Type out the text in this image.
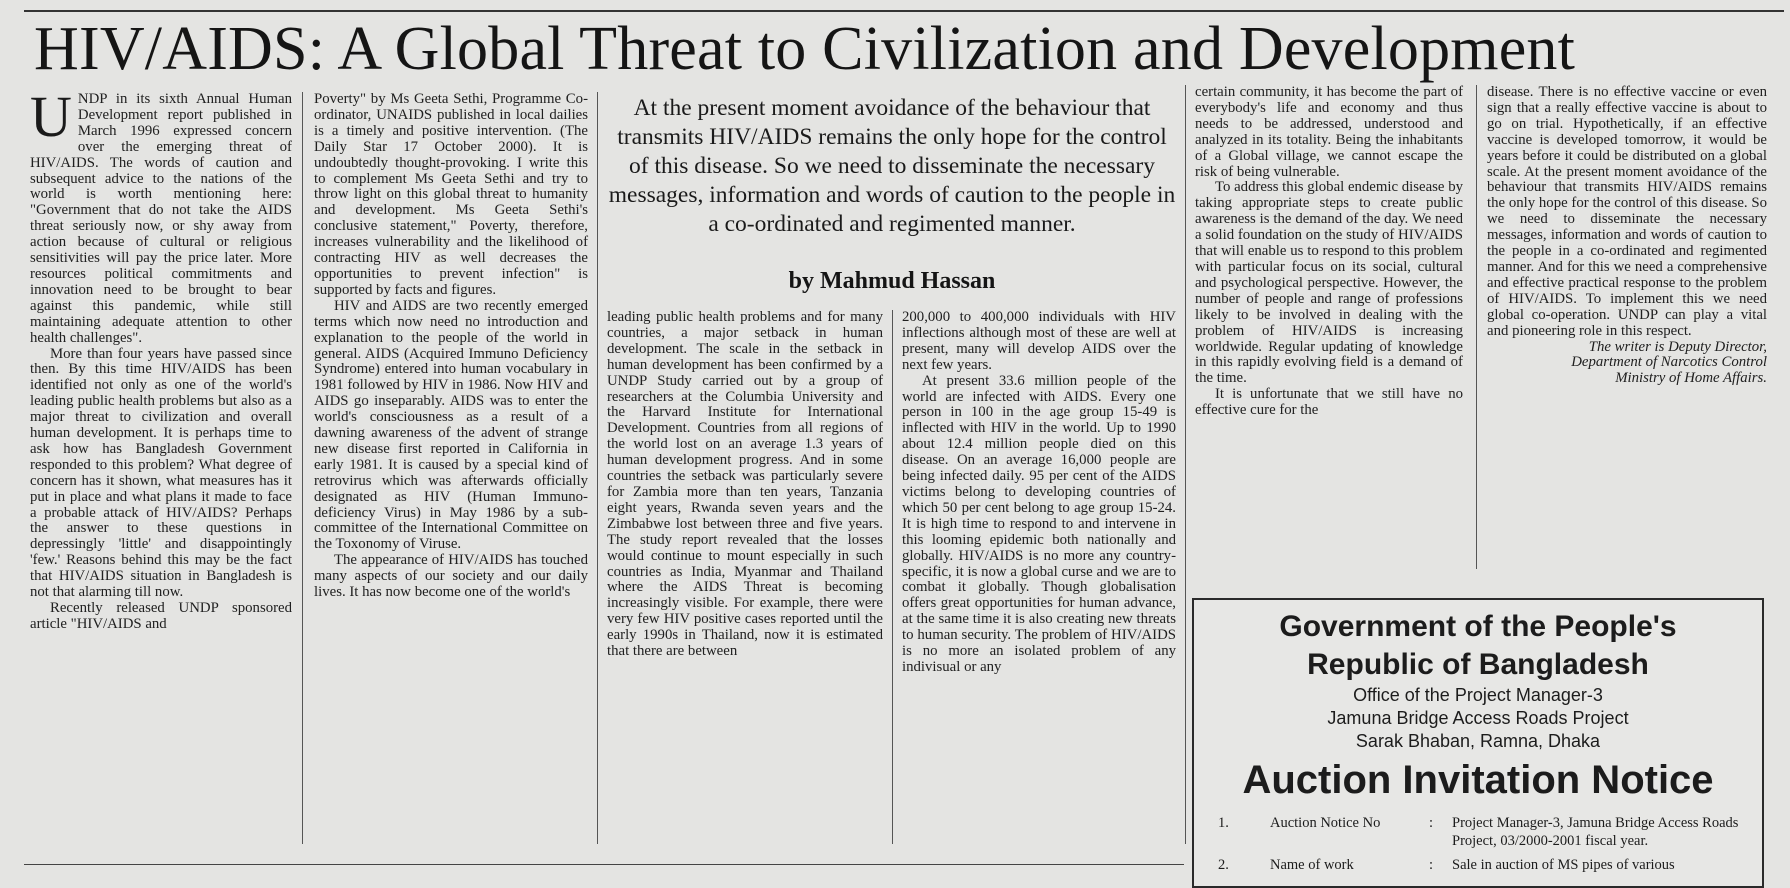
HIV/AIDS: A Global Threat to Civilization and Development

UNDP in its sixth Annual Human Development report published in March 1996 expressed concern over the emerging threat of HIV/AIDS. The words of caution and subsequent advice to the nations of the world is worth mentioning here: "Government that do not take the AIDS threat seriously now, or shy away from action because of cultural or religious sensitivities will pay the price later. More resources political commitments and innovation need to be brought to bear against this pandemic, while still maintaining adequate attention to other health challenges".

More than four years have passed since then. By this time HIV/AIDS has been identified not only as one of the world's leading public health problems but also as a major threat to civilization and overall human development. It is perhaps time to ask how has Bangladesh Government responded to this problem? What degree of concern has it shown, what measures has it put in place and what plans it made to face a probable attack of HIV/AIDS? Perhaps the answer to these questions in depressingly 'little' and disappointingly 'few.' Reasons behind this may be the fact that HIV/AIDS situation in Bangladesh is not that alarming till now.

Recently released UNDP sponsored article "HIV/AIDS and

Poverty" by Ms Geeta Sethi, Programme Co-ordinator, UNAIDS published in local dailies is a timely and positive intervention. (The Daily Star 17 October 2000). It is undoubtedly thought-provoking. I write this to complement Ms Geeta Sethi and try to throw light on this global threat to humanity and development. Ms Geeta Sethi's conclusive statement," Poverty, therefore, increases vulnerability and the likelihood of contracting HIV as well decreases the opportunities to prevent infection" is supported by facts and figures.

HIV and AIDS are two recently emerged terms which now need no introduction and explanation to the people of the world in general. AIDS (Acquired Immuno Deficiency Syndrome) entered into human vocabulary in 1981 followed by HIV in 1986. Now HIV and AIDS go inseparably. AIDS was to enter the world's consciousness as a result of a dawning awareness of the advent of strange new disease first reported in California in early 1981. It is caused by a special kind of retrovirus which was afterwards officially designated as HIV (Human Immuno-deficiency Virus) in May 1986 by a sub-committee of the International Committee on the Toxonomy of Viruse.

The appearance of HIV/AIDS has touched many aspects of our society and our daily lives. It has now become one of the world's

At the present moment avoidance of the behaviour that transmits HIV/AIDS remains the only hope for the control of this disease. So we need to disseminate the necessary messages, information and words of caution to the people in a co-ordinated and regimented manner.
by Mahmud Hassan

leading public health problems and for many countries, a major setback in human development. The scale in the setback in human development has been confirmed by a UNDP Study carried out by a group of researchers at the Columbia University and the Harvard Institute for International Development. Countries from all regions of the world lost on an average 1.3 years of human development progress. And in some countries the setback was particularly severe for Zambia more than ten years, Tanzania eight years, Rwanda seven years and the Zimbabwe lost between three and five years. The study report revealed that the losses would continue to mount especially in such countries as India, Myanmar and Thailand where the AIDS Threat is becoming increasingly visible. For example, there were very few HIV positive cases reported until the early 1990s in Thailand, now it is estimated that there are between

200,000 to 400,000 individuals with HIV inflections although most of these are well at present, many will develop AIDS over the next few years.

At present 33.6 million people of the world are infected with AIDS. Every one person in 100 in the age group 15-49 is inflected with HIV in the world. Up to 1990 about 12.4 million people died on this disease. On an average 16,000 people are being infected daily. 95 per cent of the AIDS victims belong to developing countries of which 50 per cent belong to age group 15-24. It is high time to respond to and intervene in this looming epidemic both nationally and globally. HIV/AIDS is no more any country-specific, it is now a global curse and we are to combat it globally. Though globalisation offers great opportunities for human advance, at the same time it is also creating new threats to human security. The problem of HIV/AIDS is no more an isolated problem of any indivisual or any

certain community, it has become the part of everybody's life and economy and thus needs to be addressed, understood and analyzed in its totality. Being the inhabitants of a Global village, we cannot escape the risk of being vulnerable.

To address this global endemic disease by taking appropriate steps to create public awareness is the demand of the day. We need a solid foundation on the study of HIV/AIDS that will enable us to respond to this problem with particular focus on its social, cultural and psychological perspective. However, the number of people and range of professions likely to be involved in dealing with the problem of HIV/AIDS is increasing worldwide. Regular updating of knowledge in this rapidly evolving field is a demand of the time.

It is unfortunate that we still have no effective cure for the

disease. There is no effective vaccine or even sign that a really effective vaccine is about to go on trial. Hypothetically, if an effective vaccine is developed tomorrow, it would be years before it could be distributed on a global scale. At the present moment avoidance of the behaviour that transmits HIV/AIDS remains the only hope for the control of this disease. So we need to disseminate the necessary messages, information and words of caution to the people in a co-ordinated and regimented manner. And for this we need a comprehensive and effective practical response to the problem of HIV/AIDS. To implement this we need global co-operation. UNDP can play a vital and pioneering role in this respect.

The writer is Deputy Director,
Department of Narcotics Control
Ministry of Home Affairs.

Government of the People's
Republic of Bangladesh
Office of the Project Manager-3
Jamuna Bridge Access Roads Project
Sarak Bhaban, Ramna, Dhaka
Auction Invitation Notice
1.	Auction Notice No	: Project Manager-3, Jamuna Bridge Access Roads Project, 03/2000-2001 fiscal year.
2.	Name of work	: Sale in auction of MS pipes of various
